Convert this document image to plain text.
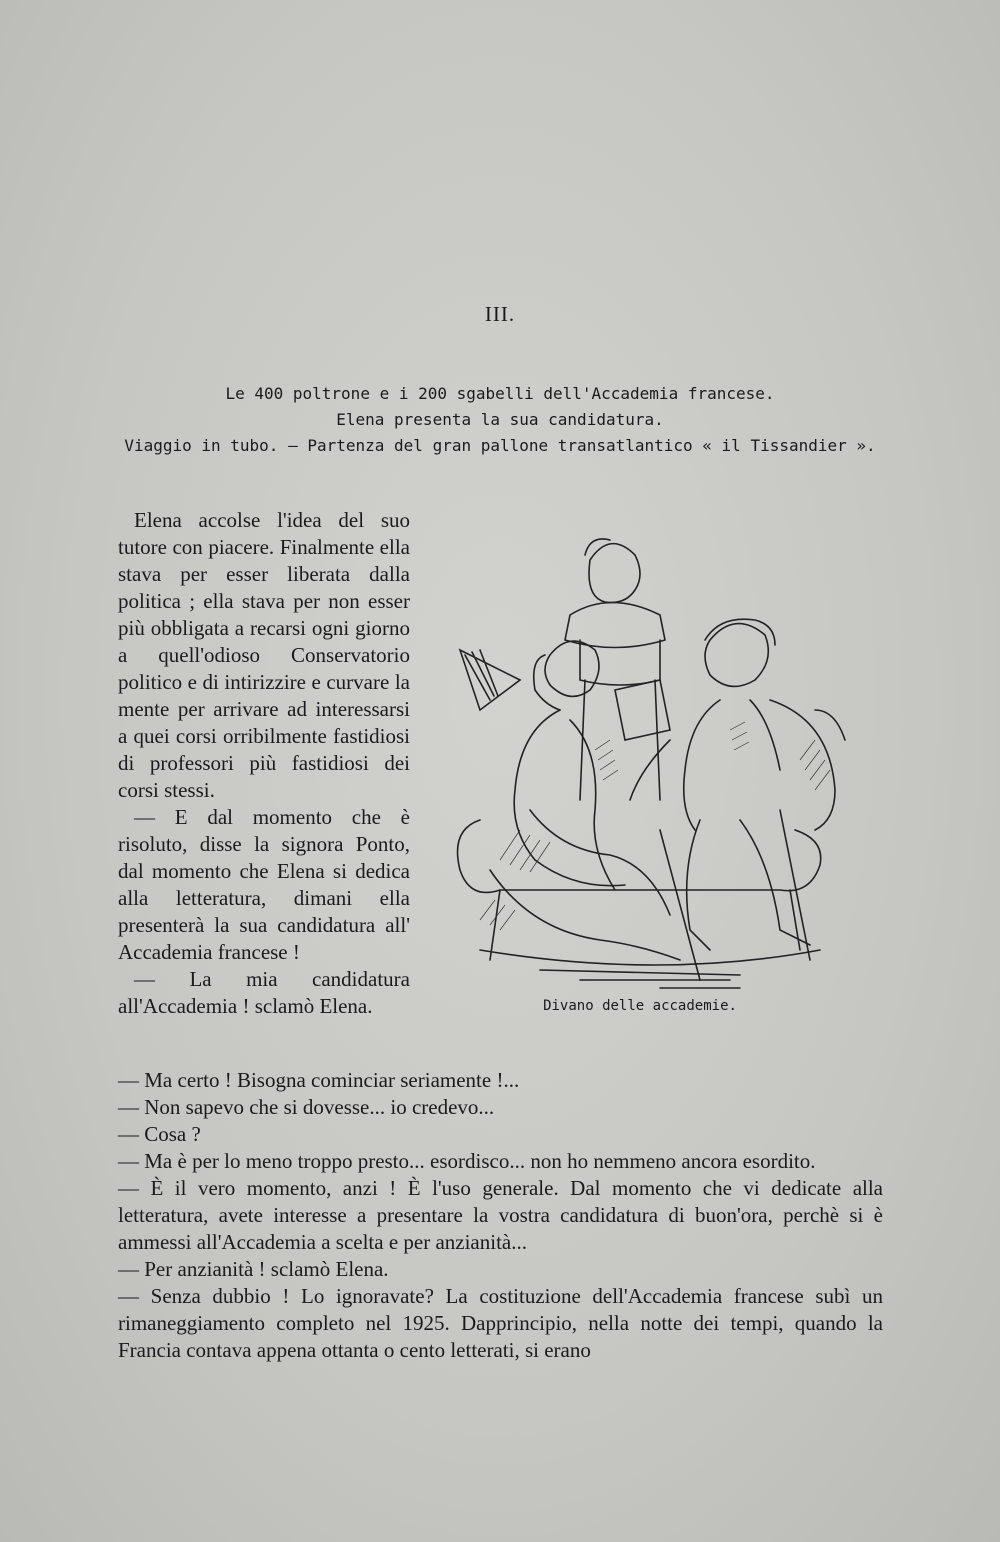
III.
Le 400 poltrone e i 200 sgabelli dell'Accademia francese.
Elena presenta la sua candidatura.
Viaggio in tubo. — Partenza del gran pallone transatlantico « il Tissandier ».

Elena accolse l'idea del suo tutore con piacere. Finalmente ella stava per esser liberata dalla politica ; ella stava per non esser più obbligata a recarsi ogni giorno a quell'odioso Conservatorio politico e di intirizzire e curvare la mente per arrivare ad interessarsi a quei corsi orribilmente fastidiosi di professori più fastidiosi dei corsi stessi.

— E dal momento che è risoluto, disse la signora Ponto, dal momento che Elena si dedica alla letteratura, dimani ella presenterà la sua candidatura all' Accademia francese !

— La mia candidatura all'Accademia ! sclamò Elena.	Divano delle accademie.

— Ma certo ! Bisogna cominciar seriamente !...

— Non sapevo che si dovesse... io credevo...

— Cosa ?

— Ma è per lo meno troppo presto... esordisco... non ho nemmeno ancora esordito.

— È il vero momento, anzi ! È l'uso generale. Dal momento che vi dedicate alla letteratura, avete interesse a presentare la vostra candidatura di buon'ora, perchè si è ammessi all'Accademia a scelta e per anzianità...

— Per anzianità ! sclamò Elena.

— Senza dubbio ! Lo ignoravate? La costituzione dell'Accademia francese subì un rimaneggiamento completo nel 1925. Dapprincipio, nella notte dei tempi, quando la Francia contava appena ottanta o cento letterati, si erano
